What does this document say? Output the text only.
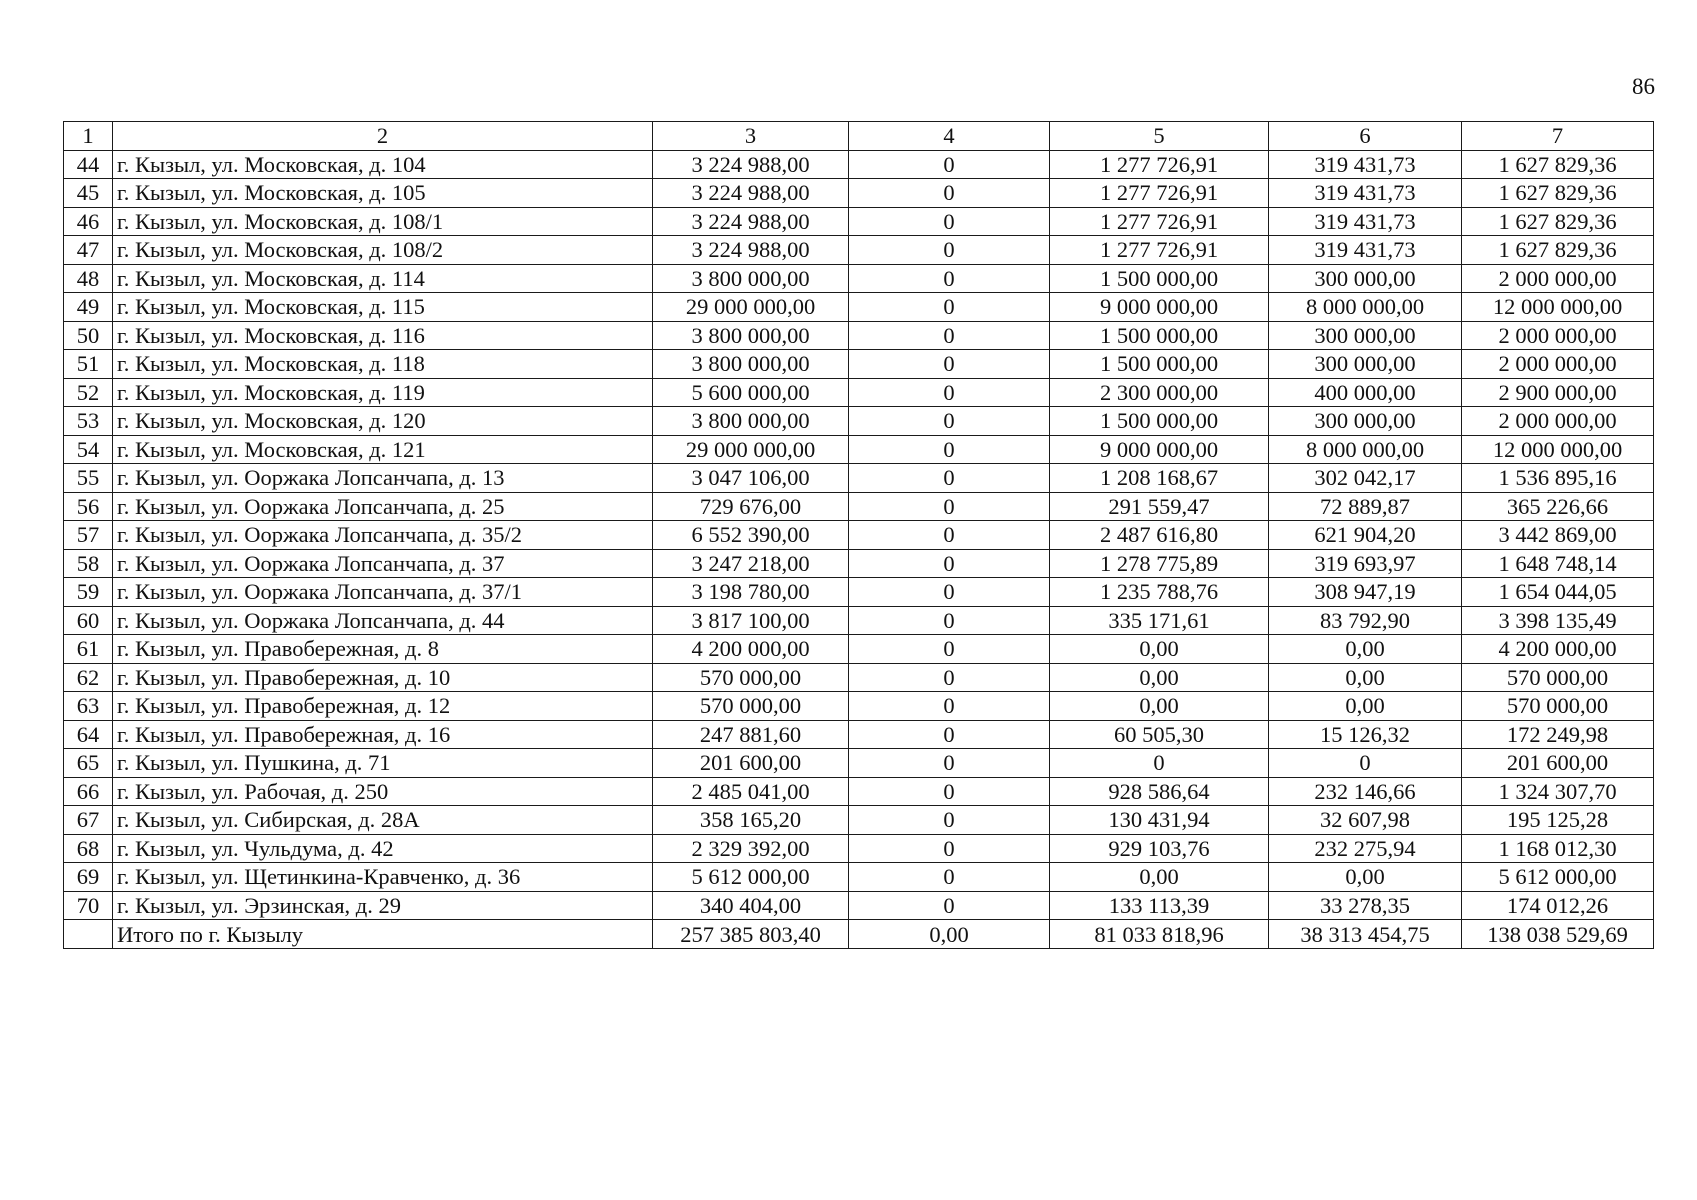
86
1	2	3	4	5	6	7
44	г. Кызыл, ул. Московская, д. 104	3 224 988,00	0	1 277 726,91	319 431,73	1 627 829,36
45	г. Кызыл, ул. Московская, д. 105	3 224 988,00	0	1 277 726,91	319 431,73	1 627 829,36
46	г. Кызыл, ул. Московская, д. 108/1	3 224 988,00	0	1 277 726,91	319 431,73	1 627 829,36
47	г. Кызыл, ул. Московская, д. 108/2	3 224 988,00	0	1 277 726,91	319 431,73	1 627 829,36
48	г. Кызыл, ул. Московская, д. 114	3 800 000,00	0	1 500 000,00	300 000,00	2 000 000,00
49	г. Кызыл, ул. Московская, д. 115	29 000 000,00	0	9 000 000,00	8 000 000,00	12 000 000,00
50	г. Кызыл, ул. Московская, д. 116	3 800 000,00	0	1 500 000,00	300 000,00	2 000 000,00
51	г. Кызыл, ул. Московская, д. 118	3 800 000,00	0	1 500 000,00	300 000,00	2 000 000,00
52	г. Кызыл, ул. Московская, д. 119	5 600 000,00	0	2 300 000,00	400 000,00	2 900 000,00
53	г. Кызыл, ул. Московская, д. 120	3 800 000,00	0	1 500 000,00	300 000,00	2 000 000,00
54	г. Кызыл, ул. Московская, д. 121	29 000 000,00	0	9 000 000,00	8 000 000,00	12 000 000,00
55	г. Кызыл, ул. Ооржака Лопсанчапа, д. 13	3 047 106,00	0	1 208 168,67	302 042,17	1 536 895,16
56	г. Кызыл, ул. Ооржака Лопсанчапа, д. 25	729 676,00	0	291 559,47	72 889,87	365 226,66
57	г. Кызыл, ул. Ооржака Лопсанчапа, д. 35/2	6 552 390,00	0	2 487 616,80	621 904,20	3 442 869,00
58	г. Кызыл, ул. Ооржака Лопсанчапа, д. 37	3 247 218,00	0	1 278 775,89	319 693,97	1 648 748,14
59	г. Кызыл, ул. Ооржака Лопсанчапа, д. 37/1	3 198 780,00	0	1 235 788,76	308 947,19	1 654 044,05
60	г. Кызыл, ул. Ооржака Лопсанчапа, д. 44	3 817 100,00	0	335 171,61	83 792,90	3 398 135,49
61	г. Кызыл, ул. Правобережная, д. 8	4 200 000,00	0	0,00	0,00	4 200 000,00
62	г. Кызыл, ул. Правобережная, д. 10	570 000,00	0	0,00	0,00	570 000,00
63	г. Кызыл, ул. Правобережная, д. 12	570 000,00	0	0,00	0,00	570 000,00
64	г. Кызыл, ул. Правобережная, д. 16	247 881,60	0	60 505,30	15 126,32	172 249,98
65	г. Кызыл, ул. Пушкина, д. 71	201 600,00	0	0	0	201 600,00
66	г. Кызыл, ул. Рабочая, д. 250	2 485 041,00	0	928 586,64	232 146,66	1 324 307,70
67	г. Кызыл, ул. Сибирская, д. 28А	358 165,20	0	130 431,94	32 607,98	195 125,28
68	г. Кызыл, ул. Чульдума, д. 42	2 329 392,00	0	929 103,76	232 275,94	1 168 012,30
69	г. Кызыл, ул. Щетинкина-Кравченко, д. 36	5 612 000,00	0	0,00	0,00	5 612 000,00
70	г. Кызыл, ул. Эрзинская, д. 29	340 404,00	0	133 113,39	33 278,35	174 012,26
	Итого по г. Кызылу	257 385 803,40	0,00	81 033 818,96	38 313 454,75	138 038 529,69
